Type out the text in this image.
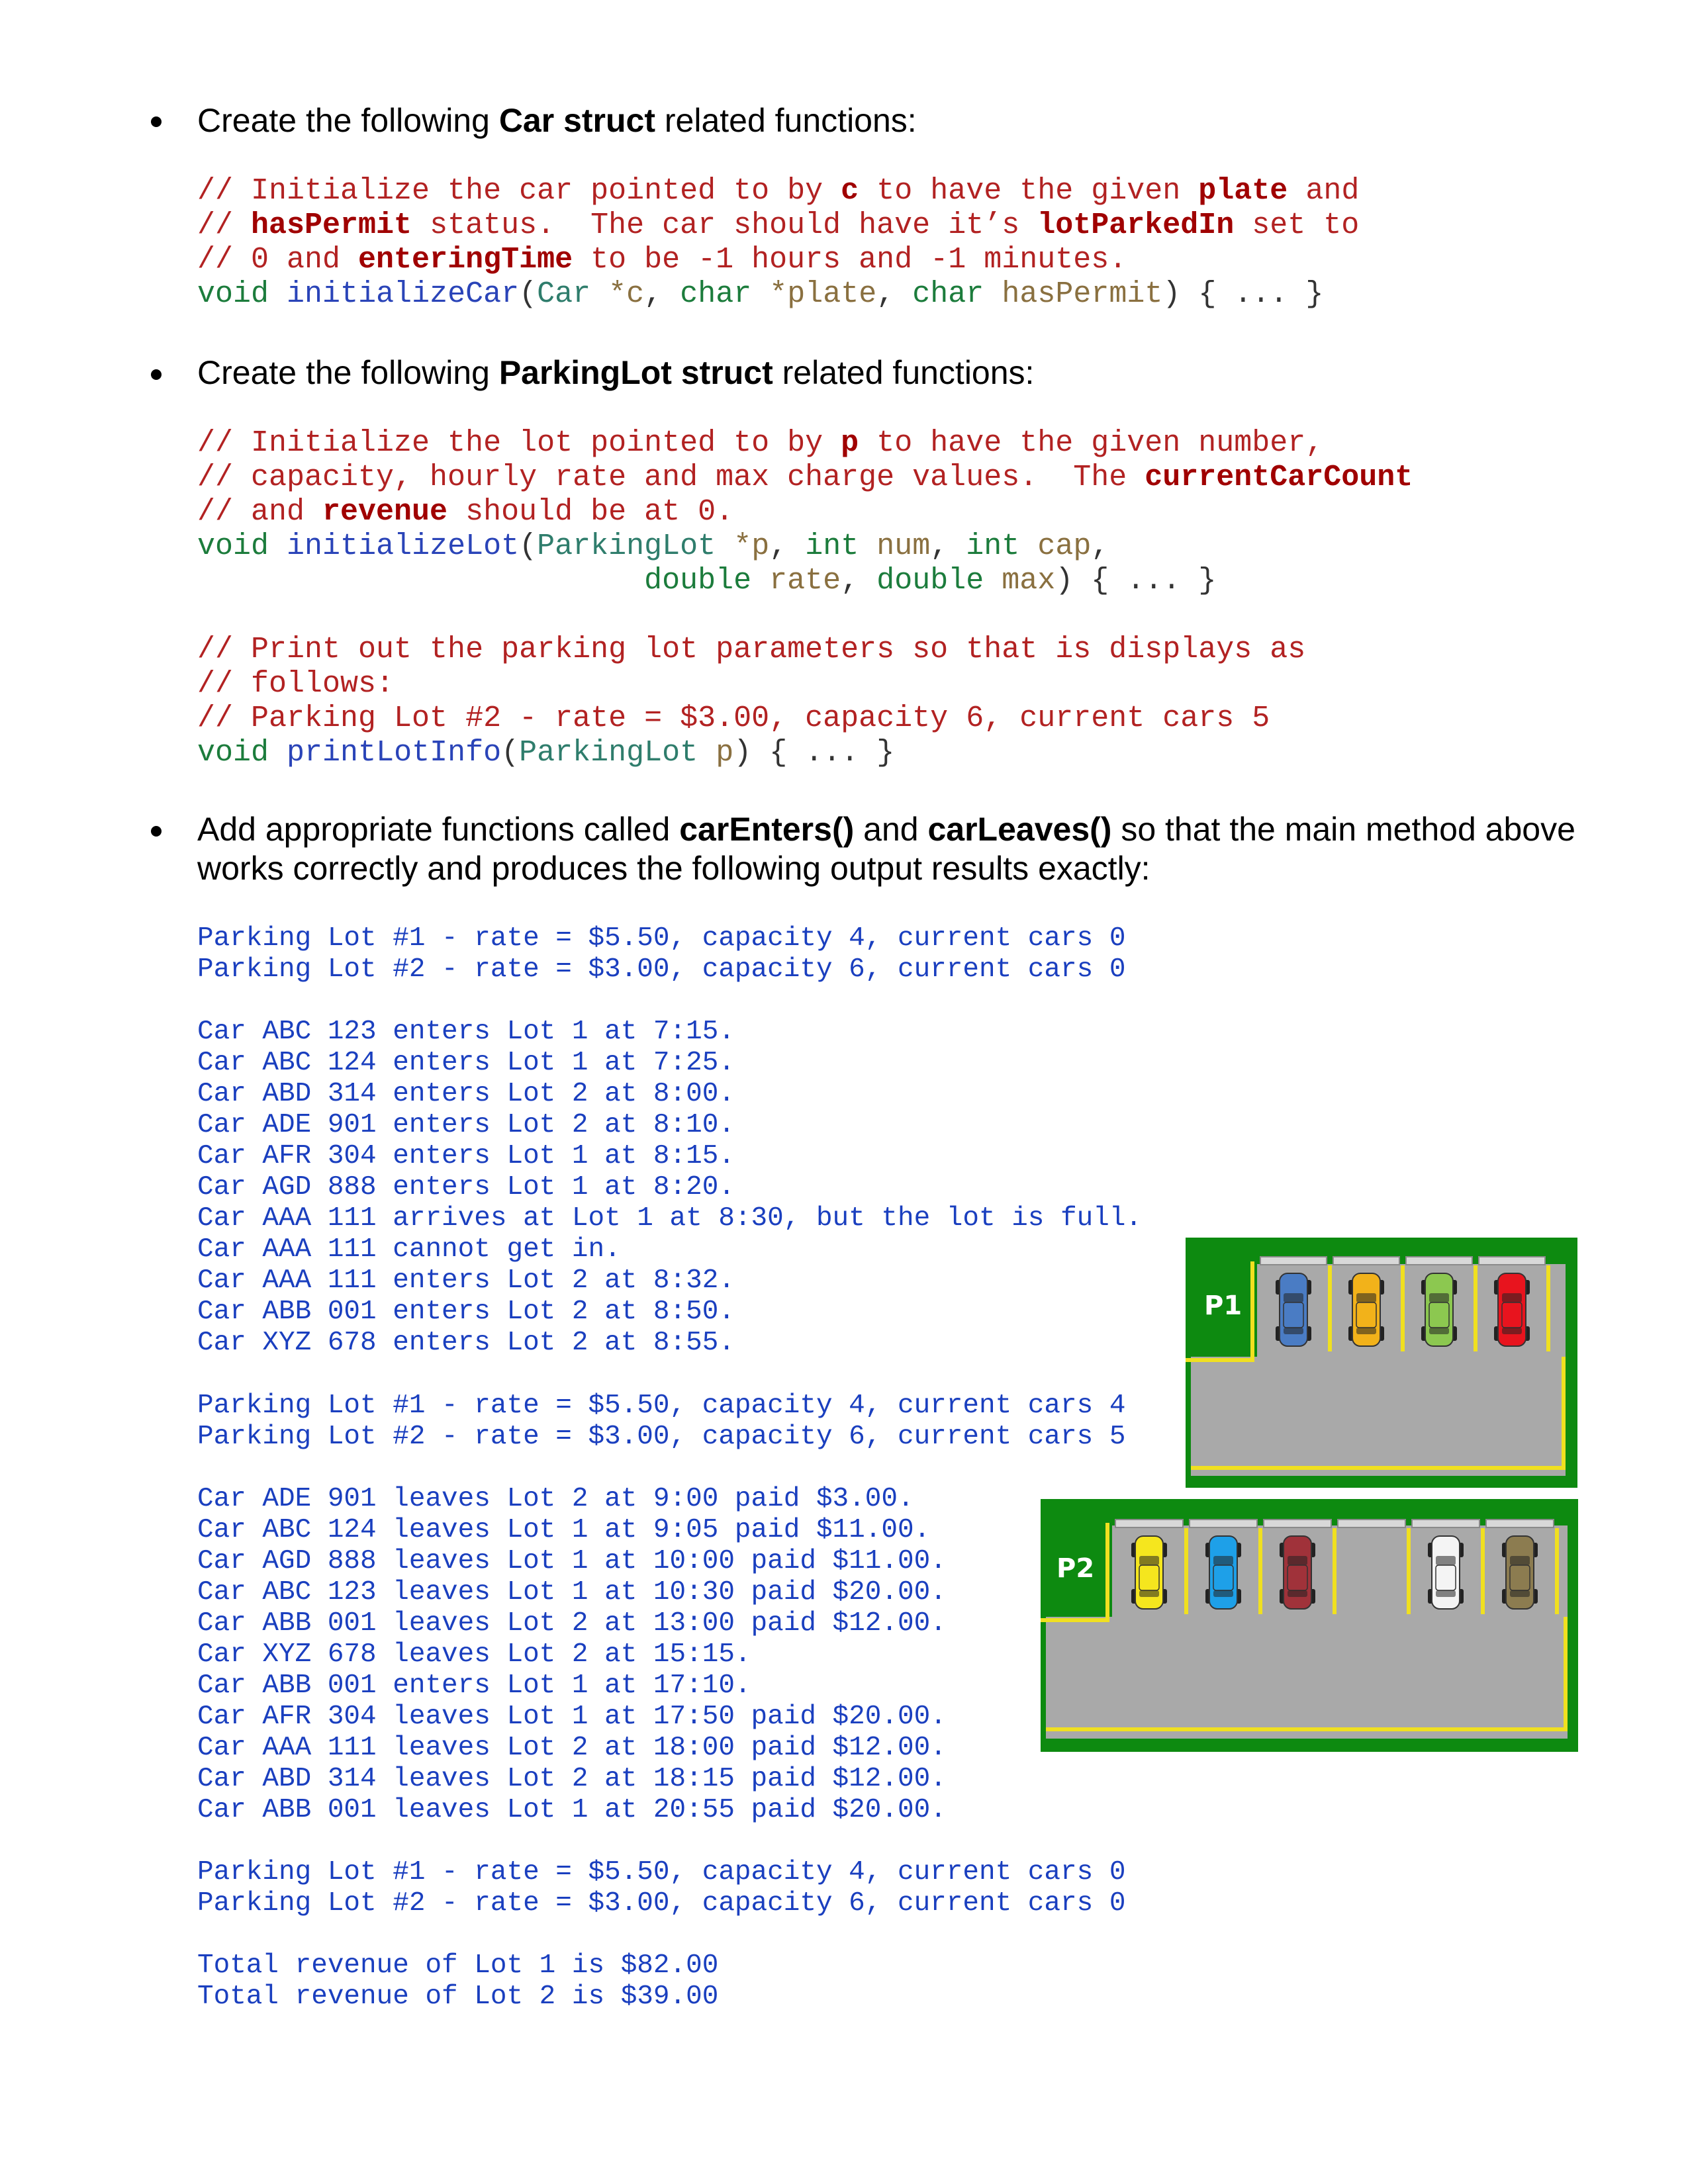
Create the following Car struct related functions:
// Initialize the car pointed to by c to have the given plate and
// hasPermit status.  The car should have it’s lotParkedIn set to
// 0 and enteringTime to be -1 hours and -1 minutes.
void initializeCar(Car *c, char *plate, char hasPermit) { ... }
Create the following ParkingLot struct related functions:
// Initialize the lot pointed to by p to have the given number,
// capacity, hourly rate and max charge values.  The currentCarCount
// and revenue should be at 0.
void initializeLot(ParkingLot *p, int num, int cap,
double rate, double max) { ... }
// Print out the parking lot parameters so that is displays as
// follows:
// Parking Lot #2 - rate = $3.00, capacity 6, current cars 5
void printLotInfo(ParkingLot p) { ... }
Add appropriate functions called carEnters() and carLeaves() so that the main method above
works correctly and produces the following output results exactly:
Parking Lot #1 - rate = $5.50, capacity 4, current cars 0
Parking Lot #2 - rate = $3.00, capacity 6, current cars 0
Car ABC 123 enters Lot 1 at 7:15.
Car ABC 124 enters Lot 1 at 7:25.
Car ABD 314 enters Lot 2 at 8:00.
Car ADE 901 enters Lot 2 at 8:10.
Car AFR 304 enters Lot 1 at 8:15.
Car AGD 888 enters Lot 1 at 8:20.
Car AAA 111 arrives at Lot 1 at 8:30, but the lot is full.
Car AAA 111 cannot get in.
Car AAA 111 enters Lot 2 at 8:32.
Car ABB 001 enters Lot 2 at 8:50.
Car XYZ 678 enters Lot 2 at 8:55.
Parking Lot #1 - rate = $5.50, capacity 4, current cars 4
Parking Lot #2 - rate = $3.00, capacity 6, current cars 5
Car ADE 901 leaves Lot 2 at 9:00 paid $3.00.
Car ABC 124 leaves Lot 1 at 9:05 paid $11.00.
Car AGD 888 leaves Lot 1 at 10:00 paid $11.00.
Car ABC 123 leaves Lot 1 at 10:30 paid $20.00.
Car ABB 001 leaves Lot 2 at 13:00 paid $12.00.
Car XYZ 678 leaves Lot 2 at 15:15.
Car ABB 001 enters Lot 1 at 17:10.
Car AFR 304 leaves Lot 1 at 17:50 paid $20.00.
Car AAA 111 leaves Lot 2 at 18:00 paid $12.00.
Car ABD 314 leaves Lot 2 at 18:15 paid $12.00.
Car ABB 001 leaves Lot 1 at 20:55 paid $20.00.
Parking Lot #1 - rate = $5.50, capacity 4, current cars 0
Parking Lot #2 - rate = $3.00, capacity 6, current cars 0
Total revenue of Lot 1 is $82.00
Total revenue of Lot 2 is $39.00
P1
P2
